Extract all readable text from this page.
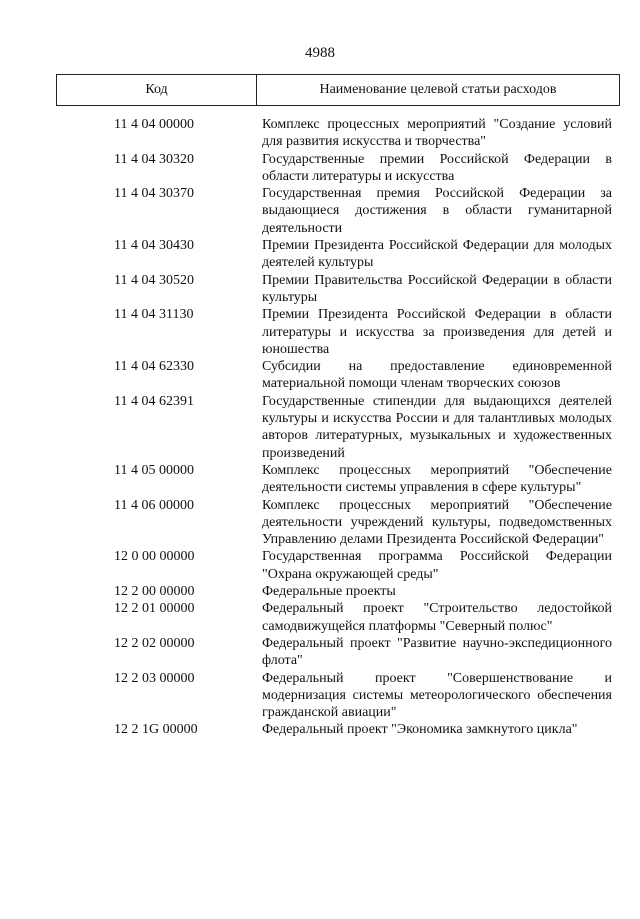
4988
Код	Наименование целевой статьи расходов
11 4 04 00000	Комплекс процессных мероприятий "Создание условий для развития искусства и творчества"
11 4 04 30320	Государственные премии Российской Федерации в области литературы и искусства
11 4 04 30370	Государственная премия Российской Федерации за выдающиеся достижения в области гуманитарной деятельности
11 4 04 30430	Премии Президента Российской Федерации для молодых деятелей культуры
11 4 04 30520	Премии Правительства Российской Федерации в области культуры
11 4 04 31130	Премии Президента Российской Федерации в области литературы и искусства за произведения для детей и юношества
11 4 04 62330	Субсидии на предоставление единовременной материальной помощи членам творческих союзов
11 4 04 62391	Государственные стипендии для выдающихся деятелей культуры и искусства России и для талантливых молодых авторов литературных, музыкальных и художественных произведений
11 4 05 00000	Комплекс процессных мероприятий "Обеспечение деятельности системы управления в сфере культуры"
11 4 06 00000	Комплекс процессных мероприятий "Обеспечение деятельности учреждений культуры, подведомственных Управлению делами Президента Российской Федерации"
12 0 00 00000	Государственная программа Российской Федерации "Охрана окружающей среды"
12 2 00 00000	Федеральные проекты
12 2 01 00000	Федеральный проект "Строительство ледостойкой самодвижущейся платформы "Северный полюс"
12 2 02 00000	Федеральный проект "Развитие научно-экспедиционного флота"
12 2 03 00000	Федеральный проект "Совершенствование и модернизация системы метеорологического обеспечения гражданской авиации"
12 2 1G 00000	Федеральный проект "Экономика замкнутого цикла"
